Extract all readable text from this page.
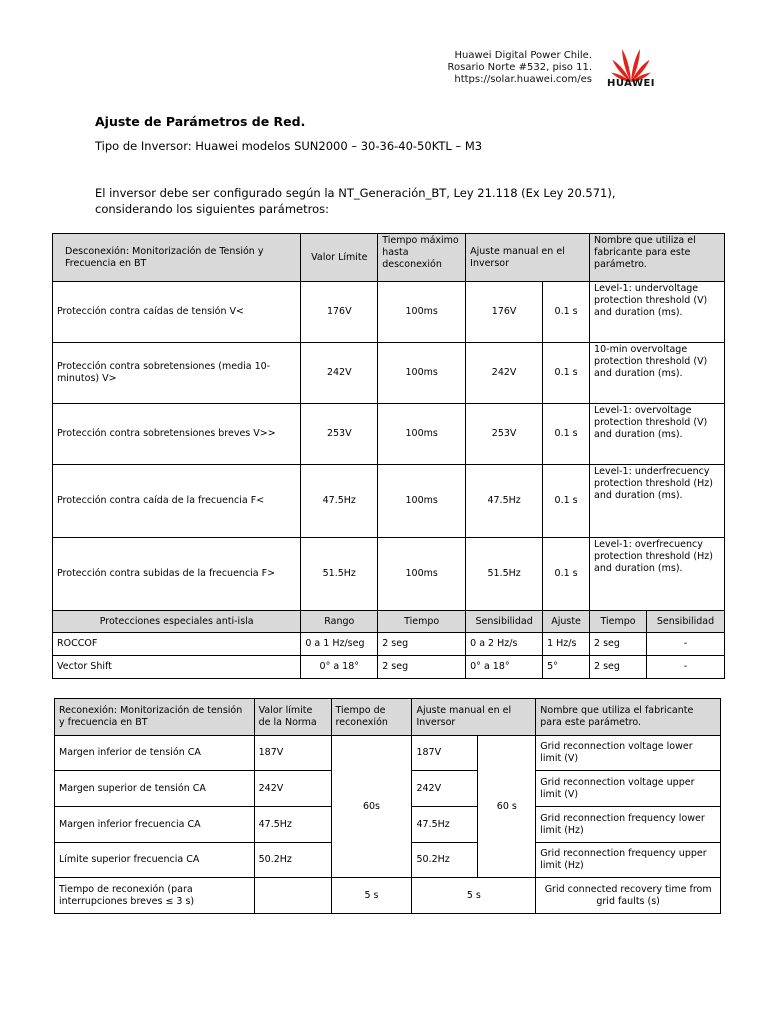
Huawei Digital Power Chile.
Rosario Norte #532, piso 11.
https://solar.huawei.com/es	HUAWEI
Ajuste de Parámetros de Red.
Tipo de Inversor: Huawei modelos SUN2000 – 30-36-40-50KTL – M3
El inversor debe ser configurado según la NT_Generación_BT, Ley 21.118 (Ex Ley 20.571),
considerando los siguientes parámetros:
Desconexión: Monitorización de Tensión y Frecuencia en BT	Valor Límite	Tiempo máximo hasta desconexión	Ajuste manual en el Inversor		Nombre que utiliza el fabricante para este parámetro.	
Protección contra caídas de tensión V<	176V	100ms	176V	0.1 s	Level-1: undervoltage protection threshold (V) and duration (ms).	
Protección contra sobretensiones (media 10-minutos) V>	242V	100ms	242V	0.1 s	10-min overvoltage protection threshold (V) and duration (ms).	
Protección contra sobretensiones breves V>>	253V	100ms	253V	0.1 s	Level-1: overvoltage protection threshold (V) and duration (ms).	
Protección contra caída de la frecuencia F<	47.5Hz	100ms	47.5Hz	0.1 s	Level-1: underfrecuency protection threshold (Hz) and duration (ms).	
Protección contra subidas de la frecuencia F>	51.5Hz	100ms	51.5Hz	0.1 s	Level-1: overfrecuency protection threshold (Hz) and duration (ms).	
Protecciones especiales anti-isla	Rango	Tiempo	Sensibilidad	Ajuste	Tiempo	Sensibilidad
ROCCOF	0 a 1 Hz/seg	2 seg	0 a 2 Hz/s	1 Hz/s	2 seg	-
Vector Shift	0° a 18°	2 seg	0° a 18°	5°	2 seg	-
Reconexión: Monitorización de tensión y frecuencia en BT	Valor límite de la Norma	Tiempo de reconexión	Ajuste manual en el Inversor		Nombre que utiliza el fabricante para este parámetro.
Margen inferior de tensión CA	187V	60s	187V	60 s	Grid reconnection voltage lower limit (V)
Margen superior de tensión CA	242V		242V		Grid reconnection voltage upper limit (V)
Margen inferior frecuencia CA	47.5Hz		47.5Hz		Grid reconnection frequency lower limit (Hz)
Límite superior frecuencia CA	50.2Hz		50.2Hz		Grid reconnection frequency upper limit (Hz)
Tiempo de reconexión (para interrupciones breves ≤ 3 s)		5 s	5 s		Grid connected recovery time from grid faults (s)
